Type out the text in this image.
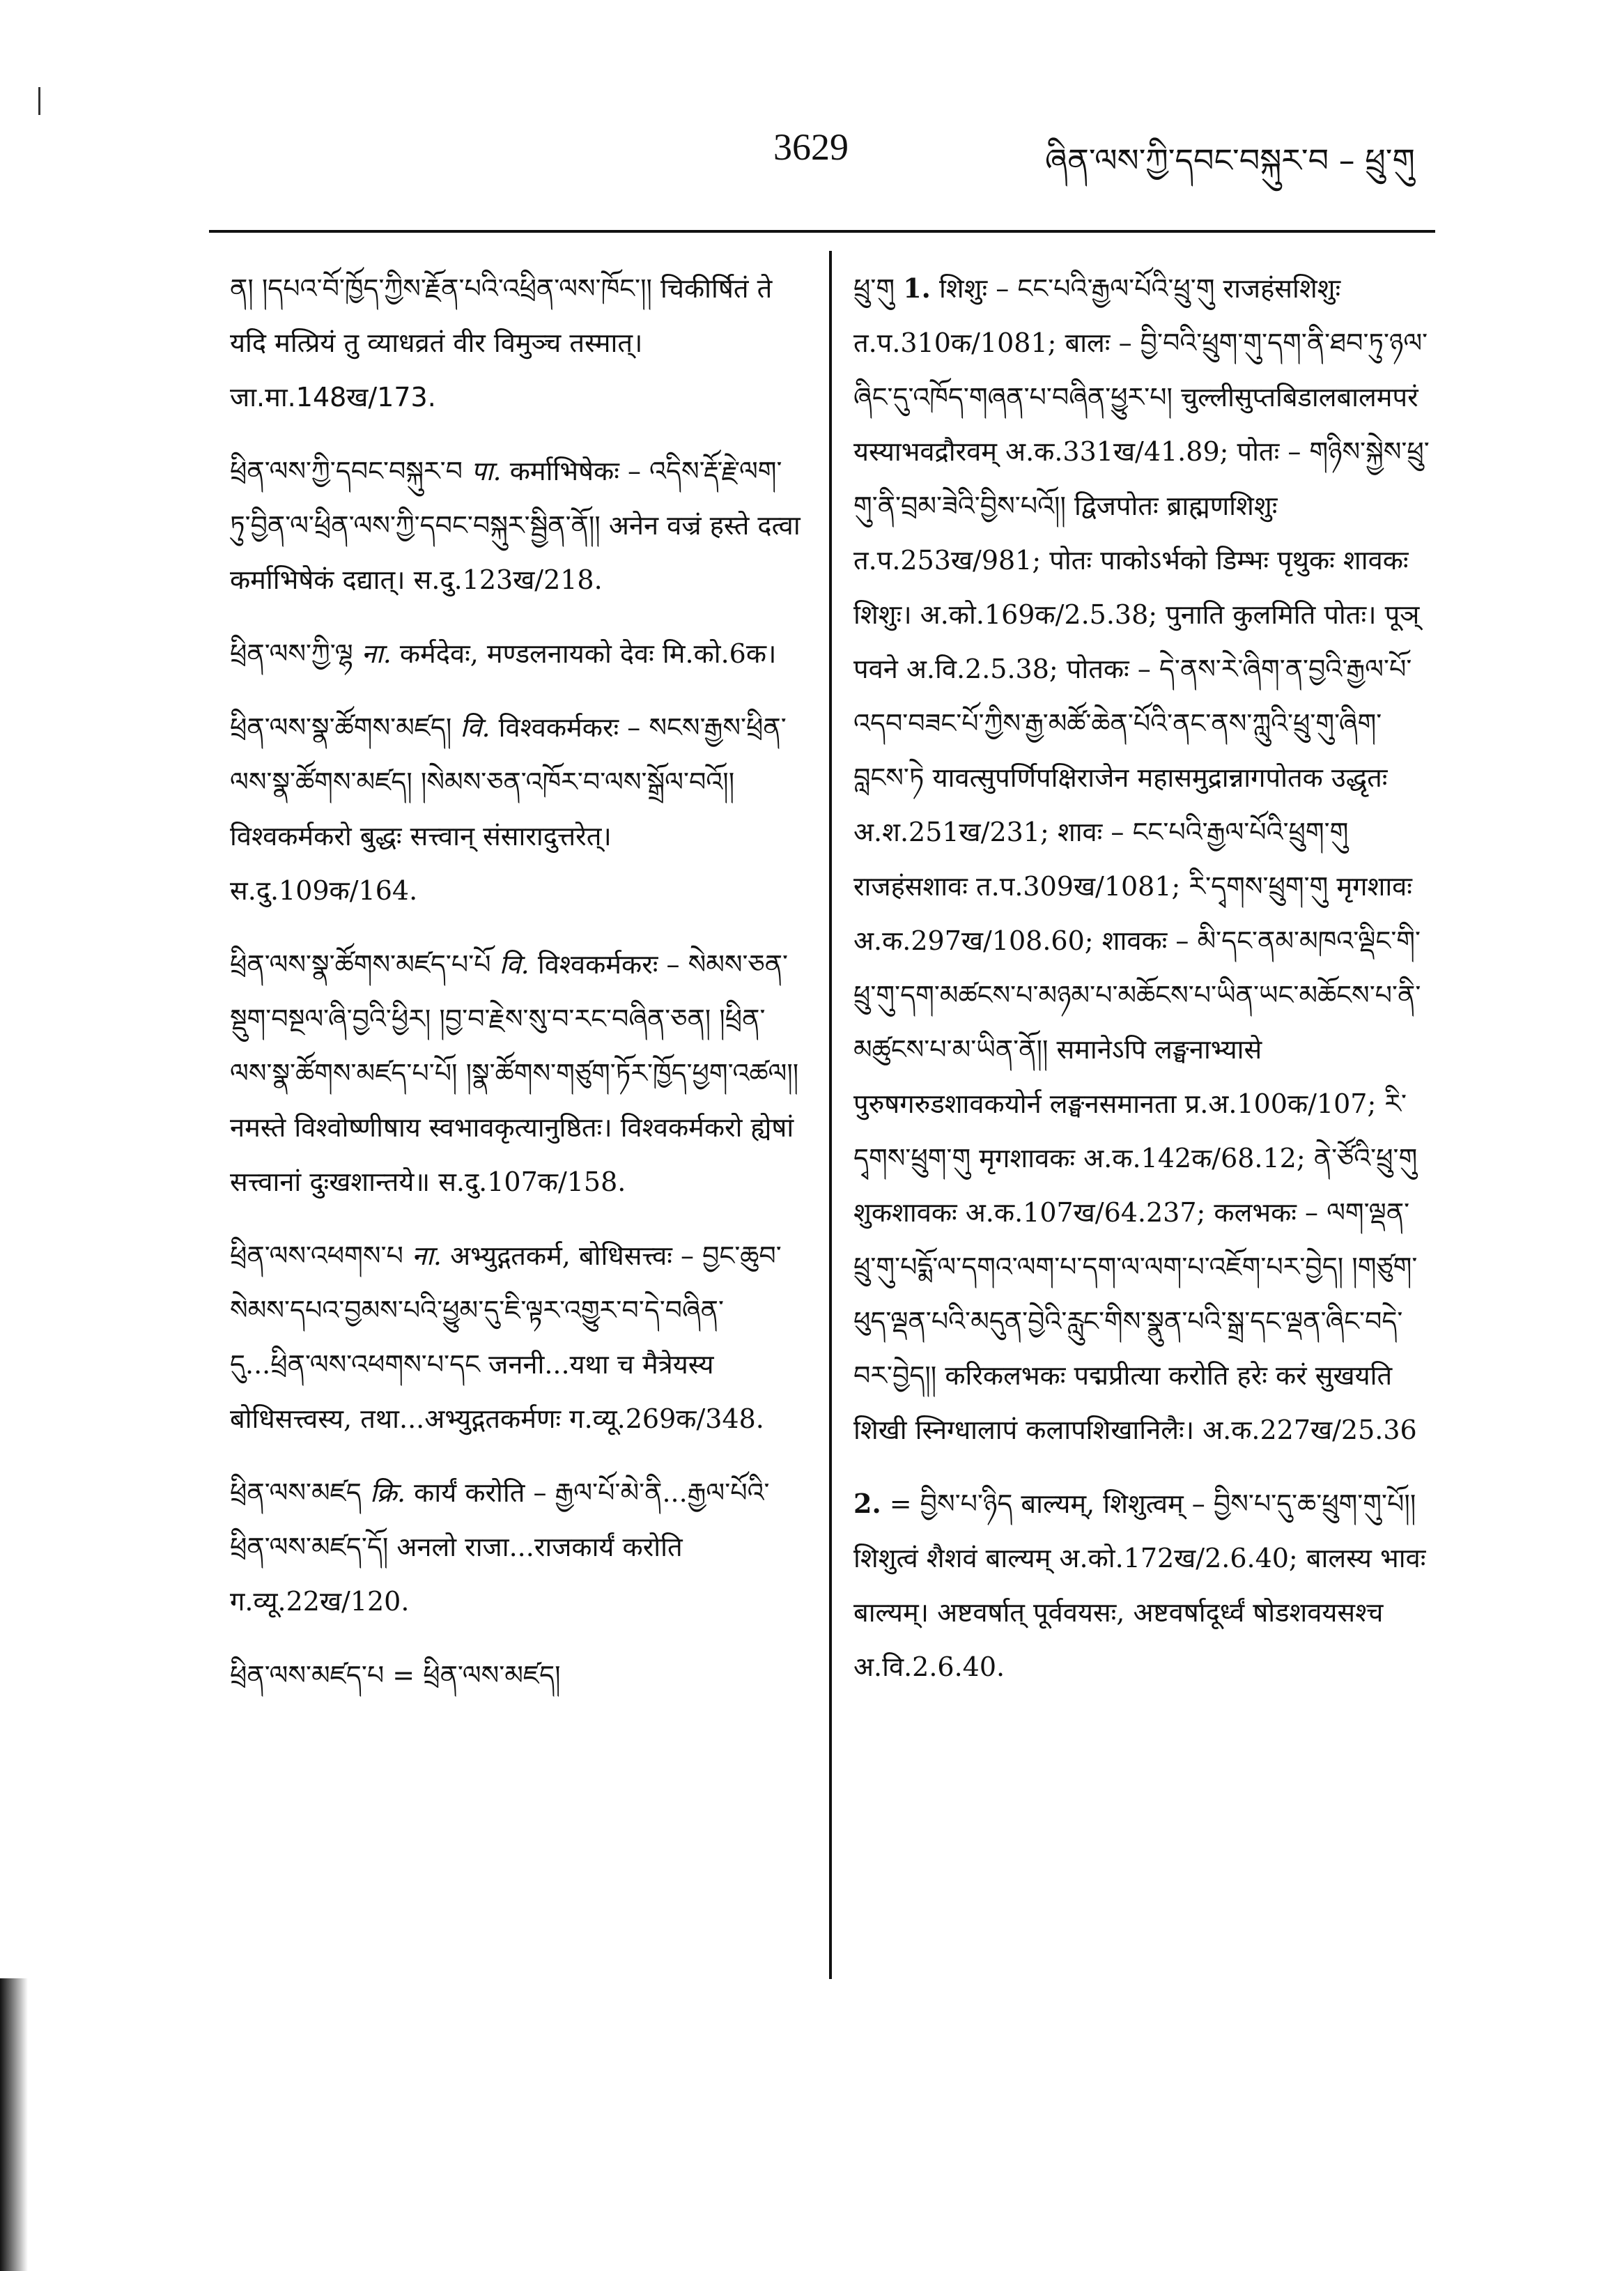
3629	ཞིན་ལས་ཀྱི་དབང་བསྐུར་བ – ཕྲུ་གུ
ན། །དཔའ་བོ་ཁྱོད་ཀྱིས་རྗོན་པའི་འཕྲིན་ལས་ཁོང་།། चिकीर्षितं ते यदि मत्प्रियं तु व्याधव्रतं वीर विमुञ्च तस्मात्। जा.मा.148ख/173.
ཕྲིན་ལས་ཀྱི་དབང་བསྐུར་བ पा. कर्माभिषेकः – འདིས་རྡོ་རྗེ་ལག་ཏུ་བྱིན་ལ་ཕྲིན་ལས་ཀྱི་དབང་བསྐུར་སྦྱིན་ནོ།། अनेन वज्रं हस्ते दत्वा कर्माभिषेकं दद्यात्। स.दु.123ख/218.
ཕྲིན་ལས་ཀྱི་ལྷ ना. कर्मदेवः, मण्डलनायको देवः मि.को.6क।
ཕྲིན་ལས་སྣ་ཚོགས་མཛད། वि. विश्वकर्मकरः – སངས་རྒྱས་ཕྲིན་ལས་སྣ་ཚོགས་མཛད། །སེམས་ཅན་འཁོར་བ་ལས་སྒྲོལ་བའོ།། विश्वकर्मकरो बुद्धः सत्त्वान् संसारादुत्तरेत्। स.दु.109क/164.
ཕྲིན་ལས་སྣ་ཚོགས་མཛད་པ་པོ वि. विश्वकर्मकरः – སེམས་ཅན་སྡུག་བསྔལ་ཞི་བྱའི་ཕྱིར། །བྱ་བ་རྗེས་སུ་བ་རང་བཞིན་ཅན། །ཕྲིན་ལས་སྣ་ཚོགས་མཛད་པ་པོ། །སྣ་ཚོགས་གཙུག་ཏོར་ཁྱོད་ཕྱག་འཚལ།། नमस्ते विश्वोष्णीषाय स्वभावकृत्यानुष्ठितः। विश्वकर्मकरो ह्येषां सत्त्वानां दुःखशान्तये॥ स.दु.107क/158.
ཕྲིན་ལས་འཕགས་པ ना. अभ्युद्गतकर्म, बोधिसत्त्वः – བྱང་ཆུབ་སེམས་དཔའ་བྱམས་པའི་ཕྱུམ་དུ་ཇི་ལྟར་འགྱུར་བ་དེ་བཞིན་དུ...ཕྲིན་ལས་འཕགས་པ་དང जननी...यथा च मैत्रेयस्य बोधिसत्त्वस्य, तथा...अभ्युद्गतकर्मणः ग.व्यू.269क/348.
ཕྲིན་ལས་མཛད क्रि. कार्यं करोति – རྒྱལ་པོ་མེ་ནི...རྒྱལ་པོའི་ཕྲིན་ལས་མཛད་དོ། अनलो राजा...राजकार्यं करोति ग.व्यू.22ख/120.
ཕྲིན་ལས་མཛད་པ = ཕྲིན་ལས་མཛད།
ཕྲུ་གུ 1. शिशुः – ངང་པའི་རྒྱལ་པོའི་ཕྲུ་གུ राजहंसशिशुः त.प.310क/1081; बालः – བྱི་བའི་ཕྲུག་གུ་དག་ནི་ཐབ་ཏུ་ཉལ་ཞིང་དུ་འཁོད་གཞན་པ་བཞིན་ཕྱུར་པ། चुल्लीसुप्तबिडालबालमपरं यस्याभवद्रौरवम् अ.क.331ख/41.89; पोतः – གཉིས་སྐྱེས་ཕྲུ་གུ་ནི་བྲམ་ཟེའི་བྱིས་པའོ།། द्विजपोतः ब्राह्मणशिशुः त.प.253ख/981; पोतः पाकोऽर्भको डिम्भः पृथुकः शावकः शिशुः। अ.को.169क/2.5.38; पुनाति कुलमिति पोतः। पूञ् पवने अ.वि.2.5.38; पोतकः – དེ་ནས་རེ་ཞིག་ན་བྱའི་རྒྱལ་པོ་འདབ་བཟང་པོ་ཀྱིས་རྒྱ་མཚོ་ཆེན་པོའི་ནང་ནས་ཀླུའི་ཕྲུ་གུ་ཞིག་བླངས་ཏེ यावत्सुपर्णिपक्षिराजेन महासमुद्रान्नागपोतक उद्धृतः अ.श.251ख/231; शावः – ངང་པའི་རྒྱལ་པོའི་ཕྲུག་གུ राजहंसशावः त.प.309ख/1081; རི་དྭགས་ཕྲུག་གུ मृगशावः अ.क.297ख/108.60; शावकः – མི་དང་ནམ་མཁའ་ལྡིང་གི་ཕྲུ་གུ་དག་མཚངས་པ་མཉམ་པ་མཆོངས་པ་ཡིན་ཡང་མཆོངས་པ་ནི་མཚུངས་པ་མ་ཡིན་ནོ།། समानेऽपि लङ्घनाभ्यासे पुरुषगरुडशावकयोर्न लङ्घनसमानता प्र.अ.100क/107; རི་དྭགས་ཕྲུག་གུ मृगशावकः अ.क.142क/68.12; ནེ་ཙོའི་ཕྲུ་གུ शुकशावकः अ.क.107ख/64.237; कलभकः – ལག་ལྡན་ཕྲུ་གུ་པདྨོ་ལ་དགའ་ལག་པ་དག་ལ་ལག་པ་འཇོག་པར་བྱེད། །གཙུག་ཕུད་ལྡན་པའི་མདུན་བྱེའི་རླུང་གིས་སྣུན་པའི་སྒྲ་དང་ལྡན་ཞིང་བདེ་བར་བྱེད།། करिकलभकः पद्मप्रीत्या करोति हरेः करं सुखयति शिखी स्निग्धालापं कलापशिखानिलैः। अ.क.227ख/25.36
2. = བྱིས་པ་ཉིད बाल्यम्, शिशुत्वम् – བྱིས་པ་དུ་ཆ་ཕྲུག་གུ་པོ།། शिशुत्वं शैशवं बाल्यम् अ.को.172ख/2.6.40; बालस्य भावः बाल्यम्। अष्टवर्षात् पूर्ववयसः, अष्टवर्षादूर्ध्वं षोडशवयसश्च अ.वि.2.6.40.
